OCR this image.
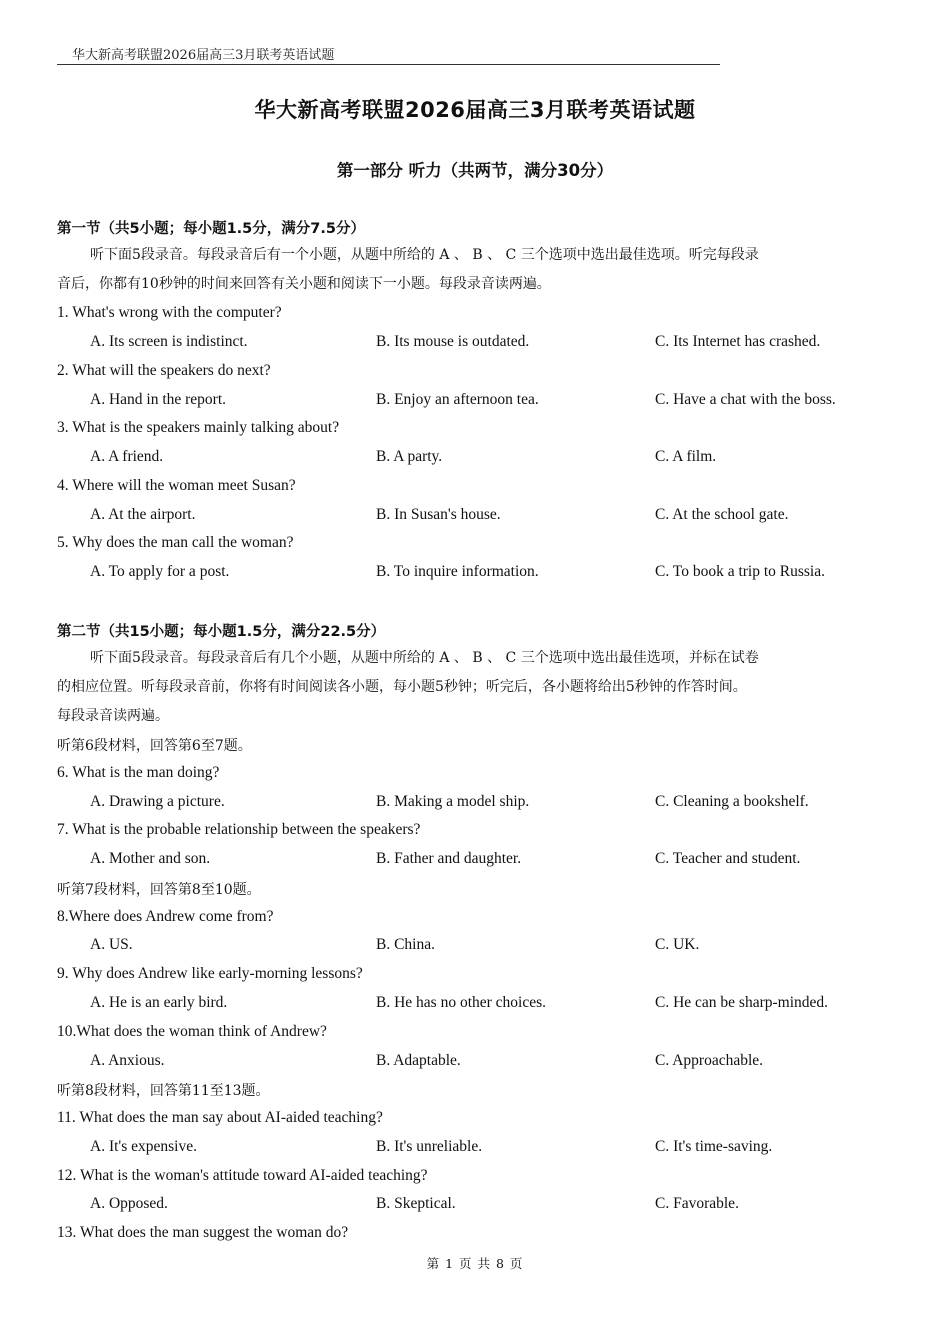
华大新高考联盟2026届高三3月联考英语试题
华大新高考联盟2026届高三3月联考英语试题
第一部分 听力（共两节，满分30分）
第一节（共5小题；每小题1.5分，满分7.5分）
听下面5段录音。每段录音后有一个小题，从题中所给的 A 、 B 、 C 三个选项中选出最佳选项。听完每段录
音后，你都有10秒钟的时间来回答有关小题和阅读下一小题。每段录音读两遍。
第二节（共15小题；每小题1.5分，满分22.5分）
听下面5段录音。每段录音后有几个小题，从题中所给的 A 、 B 、 C 三个选项中选出最佳选项，并标在试卷
的相应位置。听每段录音前，你将有时间阅读各小题，每小题5秒钟；听完后，各小题将给出5秒钟的作答时间。
每段录音读两遍。
听第6段材料，回答第6至7题。
听第7段材料，回答第8至10题。
听第8段材料，回答第11至13题。
1. What's wrong with the computer?
A. Its screen is indistinct.	B. Its mouse is outdated.	C. Its Internet has crashed.
2. What will the speakers do next?
A. Hand in the report.	B. Enjoy an afternoon tea.	C. Have a chat with the boss.
3. What is the speakers mainly talking about?
A. A friend.	B. A party.	C. A film.
4. Where will the woman meet Susan?
A. At the airport.	B. In Susan's house.	C. At the school gate.
5. Why does the man call the woman?
A. To apply for a post.	B. To inquire information.	C. To book a trip to Russia.
6. What is the man doing?
A. Drawing a picture.	B. Making a model ship.	C. Cleaning a bookshelf.
7. What is the probable relationship between the speakers?
A. Mother and son.	B. Father and daughter.	C. Teacher and student.
8.Where does Andrew come from?
A. US.	B. China.	C. UK.
9. Why does Andrew like early-morning lessons?
A. He is an early bird.	B. He has no other choices.	C. He can be sharp-minded.
10.What does the woman think of Andrew?
A. Anxious.	B. Adaptable.	C. Approachable.
11. What does the man say about AI-aided teaching?
A. It's expensive.	B. It's unreliable.	C. It's time-saving.
12. What is the woman's attitude toward AI-aided teaching?
A. Opposed.	B. Skeptical.	C. Favorable.
13. What does the man suggest the woman do?
第 1 页 共 8 页
